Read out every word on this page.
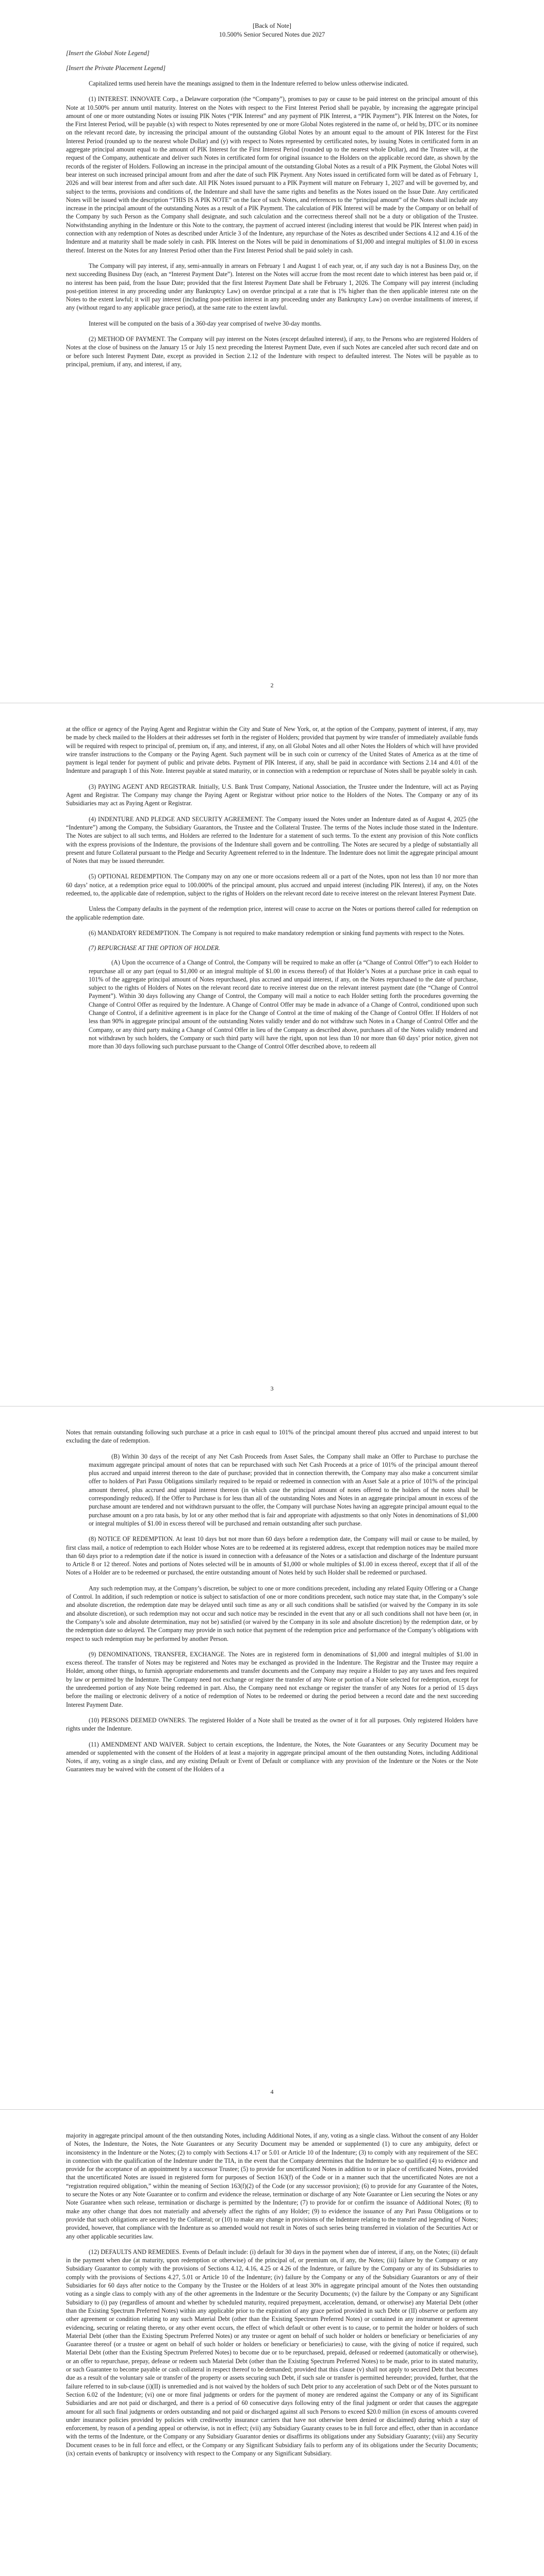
[Back of Note]
10.500% Senior Secured Notes due 2027

[Insert the Global Note Legend]

[Insert the Private Placement Legend]

Capitalized terms used herein have the meanings assigned to them in the Indenture referred to below unless otherwise indicated.

(1) INTEREST. INNOVATE Corp., a Delaware corporation (the “Company”), promises to pay or cause to be paid interest on the principal amount of this Note at 10.500% per annum until maturity. Interest on the Notes with respect to the First Interest Period shall be payable, by increasing the aggregate principal amount of one or more outstanding Notes or issuing PIK Notes (“PIK Interest” and any payment of PIK Interest, a “PIK Payment”). PIK Interest on the Notes, for the First Interest Period, will be payable (x) with respect to Notes represented by one or more Global Notes registered in the name of, or held by, DTC or its nominee on the relevant record date, by increasing the principal amount of the outstanding Global Notes by an amount equal to the amount of PIK Interest for the First Interest Period (rounded up to the nearest whole Dollar) and (y) with respect to Notes represented by certificated notes, by issuing Notes in certificated form in an aggregate principal amount equal to the amount of PIK Interest for the First Interest Period (rounded up to the nearest whole Dollar), and the Trustee will, at the request of the Company, authenticate and deliver such Notes in certificated form for original issuance to the Holders on the applicable record date, as shown by the records of the register of Holders. Following an increase in the principal amount of the outstanding Global Notes as a result of a PIK Payment, the Global Notes will bear interest on such increased principal amount from and after the date of such PIK Payment. Any Notes issued in certificated form will be dated as of February 1, 2026 and will bear interest from and after such date. All PIK Notes issued pursuant to a PIK Payment will mature on February 1, 2027 and will be governed by, and subject to the terms, provisions and conditions of, the Indenture and shall have the same rights and benefits as the Notes issued on the Issue Date. Any certificated Notes will be issued with the description “THIS IS A PIK NOTE” on the face of such Notes, and references to the “principal amount” of the Notes shall include any increase in the principal amount of the outstanding Notes as a result of a PIK Payment. The calculation of PIK Interest will be made by the Company or on behalf of the Company by such Person as the Company shall designate, and such calculation and the correctness thereof shall not be a duty or obligation of the Trustee. Notwithstanding anything in the Indenture or this Note to the contrary, the payment of accrued interest (including interest that would be PIK Interest when paid) in connection with any redemption of Notes as described under Article 3 of the Indenture, any repurchase of the Notes as described under Sections 4.12 and 4.16 of the Indenture and at maturity shall be made solely in cash. PIK Interest on the Notes will be paid in denominations of $1,000 and integral multiples of $1.00 in excess thereof. Interest on the Notes for any Interest Period other than the First Interest Period shall be paid solely in cash.

The Company will pay interest, if any, semi-annually in arrears on February 1 and August 1 of each year, or, if any such day is not a Business Day, on the next succeeding Business Day (each, an “Interest Payment Date”). Interest on the Notes will accrue from the most recent date to which interest has been paid or, if no interest has been paid, from the Issue Date; provided that the first Interest Payment Date shall be February 1, 2026. The Company will pay interest (including post-petition interest in any proceeding under any Bankruptcy Law) on overdue principal at a rate that is 1% higher than the then applicable interest rate on the Notes to the extent lawful; it will pay interest (including post-petition interest in any proceeding under any Bankruptcy Law) on overdue installments of interest, if any (without regard to any applicable grace period), at the same rate to the extent lawful.

Interest will be computed on the basis of a 360-day year comprised of twelve 30-day months.

(2) METHOD OF PAYMENT. The Company will pay interest on the Notes (except defaulted interest), if any, to the Persons who are registered Holders of Notes at the close of business on the January 15 or July 15 next preceding the Interest Payment Date, even if such Notes are canceled after such record date and on or before such Interest Payment Date, except as provided in Section 2.12 of the Indenture with respect to defaulted interest. The Notes will be payable as to principal, premium, if any, and interest, if any,

2

at the office or agency of the Paying Agent and Registrar within the City and State of New York, or, at the option of the Company, payment of interest, if any, may be made by check mailed to the Holders at their addresses set forth in the register of Holders; provided that payment by wire transfer of immediately available funds will be required with respect to principal of, premium on, if any, and interest, if any, on all Global Notes and all other Notes the Holders of which will have provided wire transfer instructions to the Company or the Paying Agent. Such payment will be in such coin or currency of the United States of America as at the time of payment is legal tender for payment of public and private debts. Payment of PIK Interest, if any, shall be paid in accordance with Sections 2.14 and 4.01 of the Indenture and paragraph 1 of this Note. Interest payable at stated maturity, or in connection with a redemption or repurchase of Notes shall be payable solely in cash.

(3) PAYING AGENT AND REGISTRAR. Initially, U.S. Bank Trust Company, National Association, the Trustee under the Indenture, will act as Paying Agent and Registrar. The Company may change the Paying Agent or Registrar without prior notice to the Holders of the Notes. The Company or any of its Subsidiaries may act as Paying Agent or Registrar.

(4) INDENTURE AND PLEDGE AND SECURITY AGREEMENT. The Company issued the Notes under an Indenture dated as of August 4, 2025 (the “Indenture”) among the Company, the Subsidiary Guarantors, the Trustee and the Collateral Trustee. The terms of the Notes include those stated in the Indenture. The Notes are subject to all such terms, and Holders are referred to the Indenture for a statement of such terms. To the extent any provision of this Note conflicts with the express provisions of the Indenture, the provisions of the Indenture shall govern and be controlling. The Notes are secured by a pledge of substantially all present and future Collateral pursuant to the Pledge and Security Agreement referred to in the Indenture. The Indenture does not limit the aggregate principal amount of Notes that may be issued thereunder.

(5) OPTIONAL REDEMPTION. The Company may on any one or more occasions redeem all or a part of the Notes, upon not less than 10 nor more than 60 days’ notice, at a redemption price equal to 100.000% of the principal amount, plus accrued and unpaid interest (including PIK Interest), if any, on the Notes redeemed, to, the applicable date of redemption, subject to the rights of Holders on the relevant record date to receive interest on the relevant Interest Payment Date.

Unless the Company defaults in the payment of the redemption price, interest will cease to accrue on the Notes or portions thereof called for redemption on the applicable redemption date.

(6) MANDATORY REDEMPTION. The Company is not required to make mandatory redemption or sinking fund payments with respect to the Notes.

(7) REPURCHASE AT THE OPTION OF HOLDER.

(A) Upon the occurrence of a Change of Control, the Company will be required to make an offer (a “Change of Control Offer”) to each Holder to repurchase all or any part (equal to $1,000 or an integral multiple of $1.00 in excess thereof) of that Holder’s Notes at a purchase price in cash equal to 101% of the aggregate principal amount of Notes repurchased, plus accrued and unpaid interest, if any, on the Notes repurchased to the date of purchase, subject to the rights of Holders of Notes on the relevant record date to receive interest due on the relevant interest payment date (the “Change of Control Payment”). Within 30 days following any Change of Control, the Company will mail a notice to each Holder setting forth the procedures governing the Change of Control Offer as required by the Indenture. A Change of Control Offer may be made in advance of a Change of Control, conditioned upon such Change of Control, if a definitive agreement is in place for the Change of Control at the time of making of the Change of Control Offer. If Holders of not less than 90% in aggregate principal amount of the outstanding Notes validly tender and do not withdraw such Notes in a Change of Control Offer and the Company, or any third party making a Change of Control Offer in lieu of the Company as described above, purchases all of the Notes validly tendered and not withdrawn by such holders, the Company or such third party will have the right, upon not less than 10 nor more than 60 days’ prior notice, given not more than 30 days following such purchase pursuant to the Change of Control Offer described above, to redeem all

3

Notes that remain outstanding following such purchase at a price in cash equal to 101% of the principal amount thereof plus accrued and unpaid interest to but excluding the date of redemption.

(B) Within 30 days of the receipt of any Net Cash Proceeds from Asset Sales, the Company shall make an Offer to Purchase to purchase the maximum aggregate principal amount of notes that can be repurchased with such Net Cash Proceeds at a price of 101% of the principal amount thereof plus accrued and unpaid interest thereon to the date of purchase; provided that in connection therewith, the Company may also make a concurrent similar offer to holders of Pari Passu Obligations similarly required to be repaid or redeemed in connection with an Asset Sale at a price of 101% of the principal amount thereof, plus accrued and unpaid interest thereon (in which case the principal amount of notes offered to the holders of the notes shall be correspondingly reduced). If the Offer to Purchase is for less than all of the outstanding Notes and Notes in an aggregate principal amount in excess of the purchase amount are tendered and not withdrawn pursuant to the offer, the Company will purchase Notes having an aggregate principal amount equal to the purchase amount on a pro rata basis, by lot or any other method that is fair and appropriate with adjustments so that only Notes in denominations of $1,000 or integral multiples of $1.00 in excess thereof will be purchased and remain outstanding after such purchase.

(8) NOTICE OF REDEMPTION. At least 10 days but not more than 60 days before a redemption date, the Company will mail or cause to be mailed, by first class mail, a notice of redemption to each Holder whose Notes are to be redeemed at its registered address, except that redemption notices may be mailed more than 60 days prior to a redemption date if the notice is issued in connection with a defeasance of the Notes or a satisfaction and discharge of the Indenture pursuant to Article 8 or 12 thereof. Notes and portions of Notes selected will be in amounts of $1,000 or whole multiples of $1.00 in excess thereof, except that if all of the Notes of a Holder are to be redeemed or purchased, the entire outstanding amount of Notes held by such Holder shall be redeemed or purchased.

Any such redemption may, at the Company’s discretion, be subject to one or more conditions precedent, including any related Equity Offering or a Change of Control. In addition, if such redemption or notice is subject to satisfaction of one or more conditions precedent, such notice may state that, in the Company’s sole and absolute discretion, the redemption date may be delayed until such time as any or all such conditions shall be satisfied (or waived by the Company in its sole and absolute discretion), or such redemption may not occur and such notice may be rescinded in the event that any or all such conditions shall not have been (or, in the Company’s sole and absolute determination, may not be) satisfied (or waived by the Company in its sole and absolute discretion) by the redemption date, or by the redemption date so delayed. The Company may provide in such notice that payment of the redemption price and performance of the Company’s obligations with respect to such redemption may be performed by another Person.

(9) DENOMINATIONS, TRANSFER, EXCHANGE. The Notes are in registered form in denominations of $1,000 and integral multiples of $1.00 in excess thereof. The transfer of Notes may be registered and Notes may be exchanged as provided in the Indenture. The Registrar and the Trustee may require a Holder, among other things, to furnish appropriate endorsements and transfer documents and the Company may require a Holder to pay any taxes and fees required by law or permitted by the Indenture. The Company need not exchange or register the transfer of any Note or portion of a Note selected for redemption, except for the unredeemed portion of any Note being redeemed in part. Also, the Company need not exchange or register the transfer of any Notes for a period of 15 days before the mailing or electronic delivery of a notice of redemption of Notes to be redeemed or during the period between a record date and the next succeeding Interest Payment Date.

(10) PERSONS DEEMED OWNERS. The registered Holder of a Note shall be treated as the owner of it for all purposes. Only registered Holders have rights under the Indenture.

(11) AMENDMENT AND WAIVER. Subject to certain exceptions, the Indenture, the Notes, the Note Guarantees or any Security Document may be amended or supplemented with the consent of the Holders of at least a majority in aggregate principal amount of the then outstanding Notes, including Additional Notes, if any, voting as a single class, and any existing Default or Event of Default or compliance with any provision of the Indenture or the Notes or the Note Guarantees may be waived with the consent of the Holders of a

4

majority in aggregate principal amount of the then outstanding Notes, including Additional Notes, if any, voting as a single class. Without the consent of any Holder of Notes, the Indenture, the Notes, the Note Guarantees or any Security Document may be amended or supplemented (1) to cure any ambiguity, defect or inconsistency in the Indenture or the Notes; (2) to comply with Sections 4.17 or 5.01 or Article 10 of the Indenture; (3) to comply with any requirement of the SEC in connection with the qualification of the Indenture under the TIA, in the event that the Company determines that the Indenture be so qualified (4) to evidence and provide for the acceptance of an appointment by a successor Trustee; (5) to provide for uncertificated Notes in addition to or in place of certificated Notes, provided that the uncertificated Notes are issued in registered form for purposes of Section 163(f) of the Code or in a manner such that the uncertificated Notes are not a “registration required obligation,” within the meaning of Section 163(f)(2) of the Code (or any successor provision); (6) to provide for any Guarantee of the Notes, to secure the Notes or any Note Guarantee or to confirm and evidence the release, termination or discharge of any Note Guarantee or Lien securing the Notes or any Note Guarantee when such release, termination or discharge is permitted by the Indenture; (7) to provide for or confirm the issuance of Additional Notes; (8) to make any other change that does not materially and adversely affect the rights of any Holder; (9) to evidence the issuance of any Pari Passu Obligations or to provide that such obligations are secured by the Collateral; or (10) to make any change in provisions of the Indenture relating to the transfer and legending of Notes; provided, however, that compliance with the Indenture as so amended would not result in Notes of such series being transferred in violation of the Securities Act or any other applicable securities law.

(12) DEFAULTS AND REMEDIES. Events of Default include: (i) default for 30 days in the payment when due of interest, if any, on the Notes; (ii) default in the payment when due (at maturity, upon redemption or otherwise) of the principal of, or premium on, if any, the Notes; (iii) failure by the Company or any Subsidiary Guarantor to comply with the provisions of Sections 4.12, 4.16, 4.25 or 4.26 of the Indenture, or failure by the Company or any of its Subsidiaries to comply with the provisions of Sections 4.27, 5.01 or Article 10 of the Indenture; (iv) failure by the Company or any of the Subsidiary Guarantors or any of their Subsidiaries for 60 days after notice to the Company by the Trustee or the Holders of at least 30% in aggregate principal amount of the Notes then outstanding voting as a single class to comply with any of the other agreements in the Indenture or the Security Documents; (v) the failure by the Company or any Significant Subsidiary to (i) pay (regardless of amount and whether by scheduled maturity, required prepayment, acceleration, demand, or otherwise) any Material Debt (other than the Existing Spectrum Preferred Notes) within any applicable prior to the expiration of any grace period provided in such Debt or (II) observe or perform any other agreement or condition relating to any such Material Debt (other than the Existing Spectrum Preferred Notes) or contained in any instrument or agreement evidencing, securing or relating thereto, or any other event occurs, the effect of which default or other event is to cause, or to permit the holder or holders of such Material Debt (other than the Existing Spectrum Preferred Notes) or any trustee or agent on behalf of such holder or holders or beneficiary or beneficiaries of any Guarantee thereof (or a trustee or agent on behalf of such holder or holders or beneficiary or beneficiaries) to cause, with the giving of notice if required, such Material Debt (other than the Existing Spectrum Preferred Notes) to become due or to be repurchased, prepaid, defeased or redeemed (automatically or otherwise), or an offer to repurchase, prepay, defease or redeem such Material Debt (other than the Existing Spectrum Preferred Notes) to be made, prior to its stated maturity, or such Guarantee to become payable or cash collateral in respect thereof to be demanded; provided that this clause (v) shall not apply to secured Debt that becomes due as a result of the voluntary sale or transfer of the property or assets securing such Debt, if such sale or transfer is permitted hereunder; provided, further, that the failure referred to in sub-clause (i)(II) is unremedied and is not waived by the holders of such Debt prior to any acceleration of such Debt or of the Notes pursuant to Section 6.02 of the Indenture; (vi) one or more final judgments or orders for the payment of money are rendered against the Company or any of its Significant Subsidiaries and are not paid or discharged, and there is a period of 60 consecutive days following entry of the final judgment or order that causes the aggregate amount for all such final judgments or orders outstanding and not paid or discharged against all such Persons to exceed $20.0 million (in excess of amounts covered under insurance policies provided by policies with creditworthy insurance carriers that have not otherwise been denied or disclaimed) during which a stay of enforcement, by reason of a pending appeal or otherwise, is not in effect; (vii) any Subsidiary Guaranty ceases to be in full force and effect, other than in accordance with the terms of the Indenture, or the Company or any Subsidiary Guarantor denies or disaffirms its obligations under any Subsidiary Guaranty; (viii) any Security Document ceases to be in full force and effect, or the Company or any Significant Subsidiary fails to perform any of its obligations under the Security Documents; (ix) certain events of bankruptcy or insolvency with respect to the Company or any Significant Subsidiary.
